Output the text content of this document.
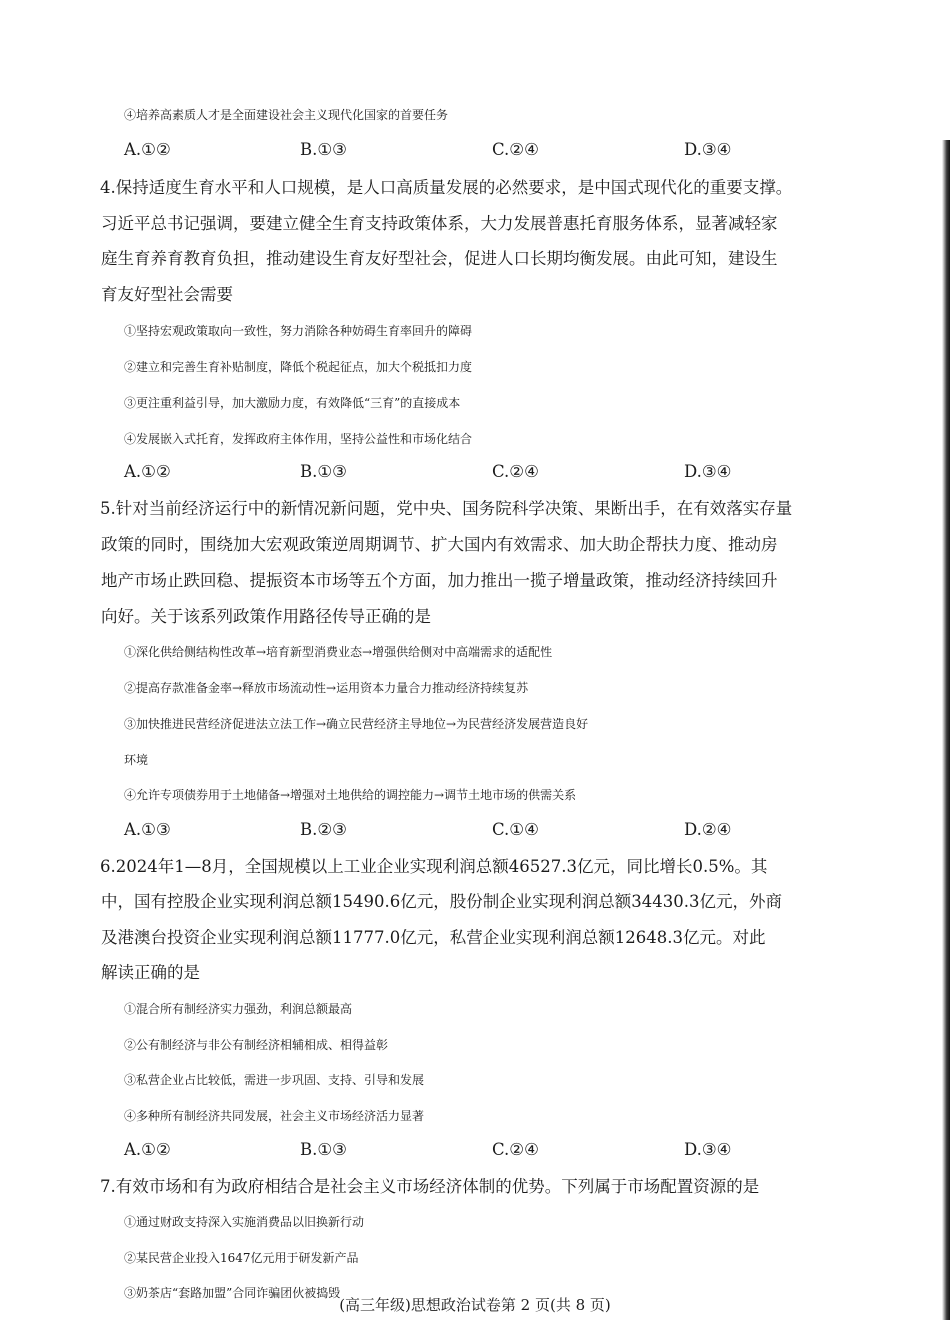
④培养高素质人才是全面建设社会主义现代化国家的首要任务
A.①②	B.①③	C.②④	D.③④
4.保持适度生育水平和人口规模，是人口高质量发展的必然要求，是中国式现代化的重要支撑。
习近平总书记强调，要建立健全生育支持政策体系，大力发展普惠托育服务体系，显著减轻家
庭生育养育教育负担，推动建设生育友好型社会，促进人口长期均衡发展。由此可知，建设生
育友好型社会需要
①坚持宏观政策取向一致性，努力消除各种妨碍生育率回升的障碍
②建立和完善生育补贴制度，降低个税起征点，加大个税抵扣力度
③更注重利益引导，加大激励力度，有效降低“三育”的直接成本
④发展嵌入式托育，发挥政府主体作用，坚持公益性和市场化结合
A.①②	B.①③	C.②④	D.③④
5.针对当前经济运行中的新情况新问题，党中央、国务院科学决策、果断出手，在有效落实存量
政策的同时，围绕加大宏观政策逆周期调节、扩大国内有效需求、加大助企帮扶力度、推动房
地产市场止跌回稳、提振资本市场等五个方面，加力推出一揽子增量政策，推动经济持续回升
向好。关于该系列政策作用路径传导正确的是
①深化供给侧结构性改革→培育新型消费业态→增强供给侧对中高端需求的适配性
②提高存款准备金率→释放市场流动性→运用资本力量合力推动经济持续复苏
③加快推进民营经济促进法立法工作→确立民营经济主导地位→为民营经济发展营造良好
环境
④允许专项债券用于土地储备→增强对土地供给的调控能力→调节土地市场的供需关系
A.①③	B.②③	C.①④	D.②④
6.2024年1—8月，全国规模以上工业企业实现利润总额46527.3亿元，同比增长0.5%。其
中，国有控股企业实现利润总额15490.6亿元，股份制企业实现利润总额34430.3亿元，外商
及港澳台投资企业实现利润总额11777.0亿元，私营企业实现利润总额12648.3亿元。对此
解读正确的是
①混合所有制经济实力强劲，利润总额最高
②公有制经济与非公有制经济相辅相成、相得益彰
③私营企业占比较低，需进一步巩固、支持、引导和发展
④多种所有制经济共同发展，社会主义市场经济活力显著
A.①②	B.①③	C.②④	D.③④
7.有效市场和有为政府相结合是社会主义市场经济体制的优势。下列属于市场配置资源的是
①通过财政支持深入实施消费品以旧换新行动
②某民营企业投入1647亿元用于研发新产品
③奶茶店“套路加盟”合同诈骗团伙被捣毁
(高三年级)思想政治试卷第 2 页(共 8 页)
